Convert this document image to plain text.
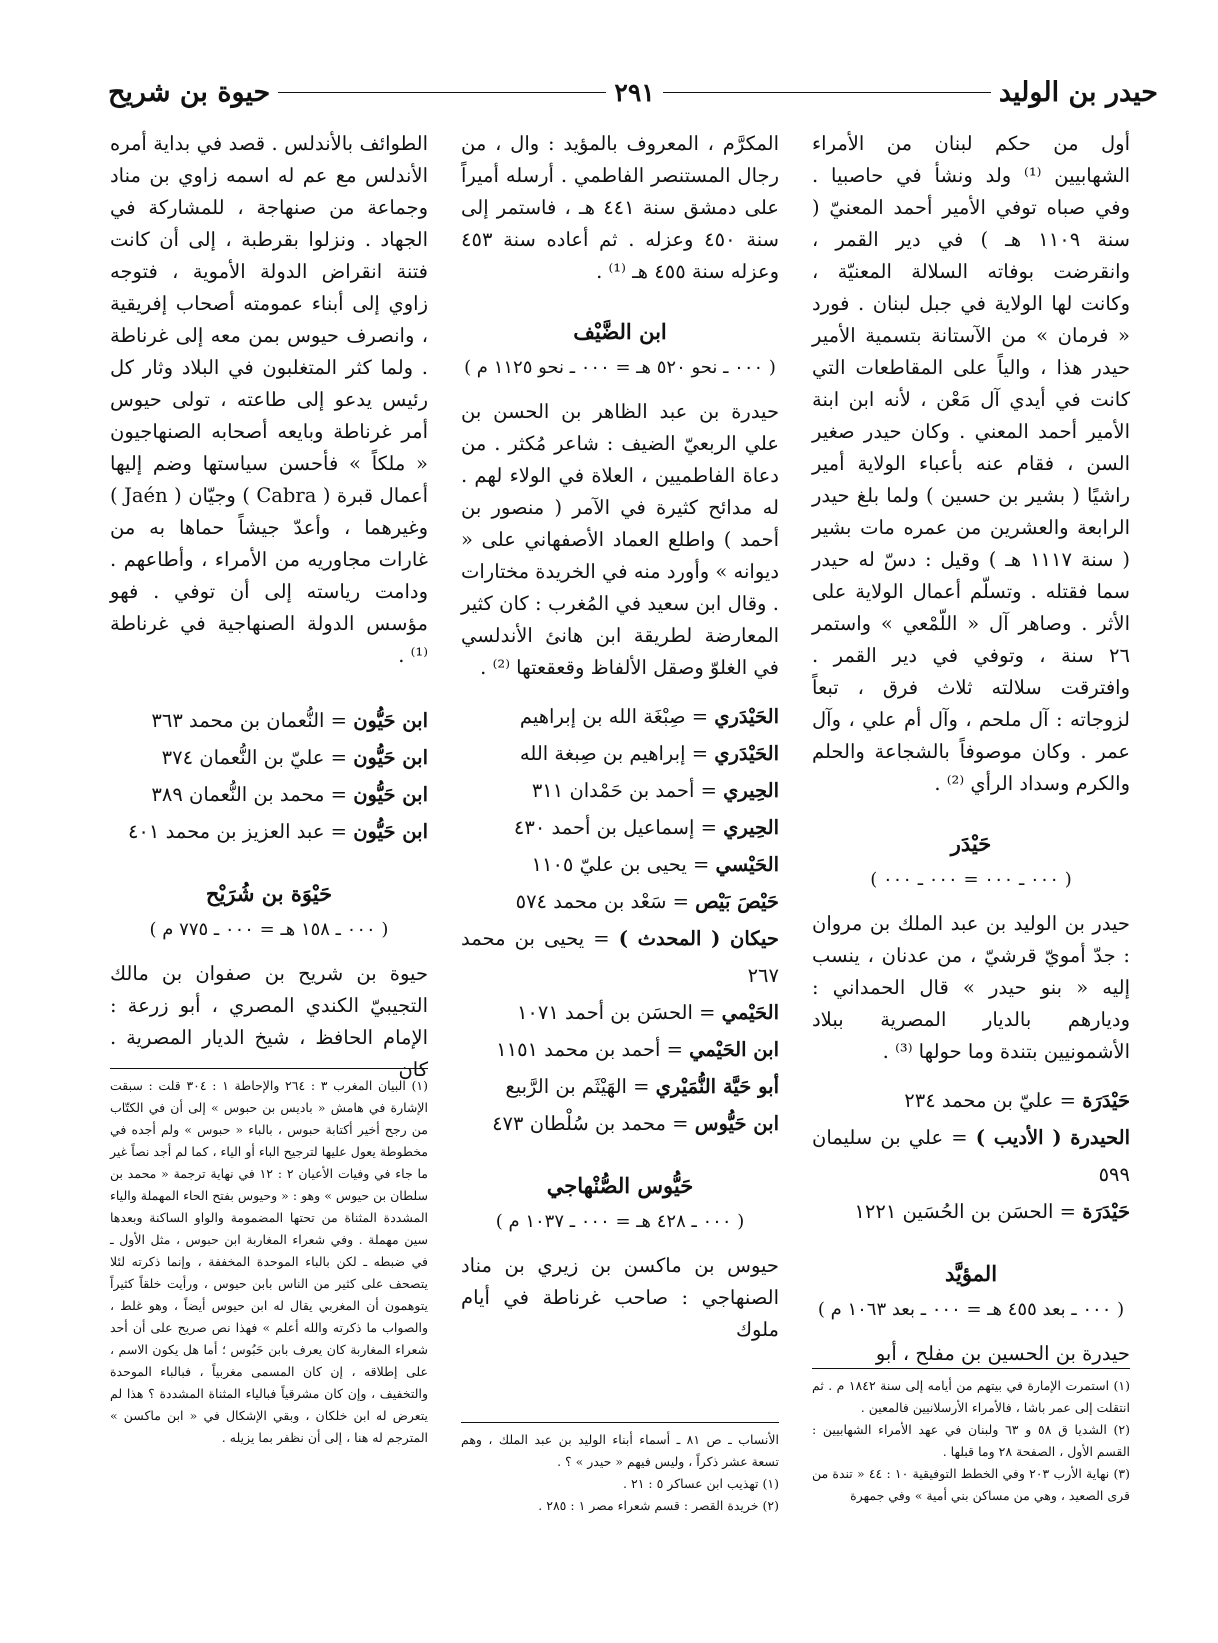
حيدر بن الوليد
٢٩١
حيوة بن شريح

أول من حكم لبنان من الأمراء الشهابيين ⁽¹⁾ ولد ونشأ في حاصبيا . وفي صباه توفي الأمير أحمد المعنيّ ( سنة ١١٠٩ هـ ) في دير القمر ، وانقرضت بوفاته السلالة المعنيّة ، وكانت لها الولاية في جبل لبنان . فورد « فرمان » من الآستانة بتسمية الأمير حيدر هذا ، والياً على المقاطعات التي كانت في أيدي آل مَعْن ، لأنه ابن ابنة الأمير أحمد المعني . وكان حيدر صغير السن ، فقام عنه بأعباء الولاية أمير راشيًا ( بشير بن حسين ) ولما بلغ حيدر الرابعة والعشرين من عمره مات بشير ( سنة ١١١٧ هـ ) وقيل : دسّ له حيدر سما فقتله . وتسلّم أعمال الولاية على الأثر . وصاهر آل « اللّمْعي » واستمر ٢٦ سنة ، وتوفي في دير القمر . وافترقت سلالته ثلاث فرق ، تبعاً لزوجاته : آل ملحم ، وآل أم علي ، وآل عمر . وكان موصوفاً بالشجاعة والحلم والكرم وسداد الرأي ⁽²⁾ .

حَيْدَر
( ٠٠٠ ـ ٠٠٠ = ٠٠٠ ـ ٠٠٠ )

حيدر بن الوليد بن عبد الملك بن مروان : جدّ أمويّ قرشيّ ، من عدنان ، ينسب إليه « بنو حيدر » قال الحمداني : وديارهم بالديار المصرية ببلاد الأشمونيين بتندة وما حولها ⁽³⁾ .

حَيْدَرَة = عليّ بن محمد ٢٣٤
الحيدرة ( الأديب ) = علي بن سليمان ٥٩٩
حَيْدَرَة = الحسَن بن الحُسَين ١٢٢١
المؤيَّد
( ٠٠٠ ـ بعد ٤٥٥ هـ = ٠٠٠ ـ بعد ١٠٦٣ م )

حيدرة بن الحسين بن مفلح ، أبو

(١) استمرت الإمارة في بيتهم من أيامه إلى سنة ١٨٤٢ م . ثم انتقلت إلى عمر باشا ، فالأمراء الأرسلانيين فالمعين .

(٢) الشديا ق ٥٨ و ٦٣ ولبنان في عهد الأمراء الشهابيين : القسم الأول ، الصفحة ٢٨ وما قبلها .

(٣) نهاية الأرب ٢٠٣ وفي الخطط التوفيقية ١٠ : ٤٤ « تندة من قرى الصعيد ، وهي من مساكن بني أمية » وفي جمهرة

المكرَّم ، المعروف بالمؤيد : وال ، من رجال المستنصر الفاطمي . أرسله أميراً على دمشق سنة ٤٤١ هـ ، فاستمر إلى سنة ٤٥٠ وعزله . ثم أعاده سنة ٤٥٣ وعزله سنة ٤٥٥ هـ ⁽¹⁾ .

ابن الضَّيْف
( ٠٠٠ ـ نحو ٥٢٠ هـ = ٠٠٠ ـ نحو ١١٢٥ م )

حيدرة بن عبد الظاهر بن الحسن بن علي الربعيّ الضيف : شاعر مُكثر . من دعاة الفاطميين ، العلاة في الولاء لهم . له مدائح كثيرة في الآمر ( منصور بن أحمد ) واطلع العماد الأصفهاني على « ديوانه » وأورد منه في الخريدة مختارات . وقال ابن سعيد في المُغرب : كان كثير المعارضة لطريقة ابن هانئ الأندلسي في الغلوّ وصقل الألفاظ وقعقعتها ⁽²⁾ .

الحَيْدَري = صِبْغَة الله بن إبراهيم
الحَيْدَري = إبراهيم بن صِبغة الله
الحِيري = أحمد بن حَمْدان ٣١١
الحِيري = إسماعيل بن أحمد ٤٣٠
الحَيْسي = يحيى بن عليّ ١١٠٥
حَيْصَ بَيْص = سَعْد بن محمد ٥٧٤
حيكان ( المحدث ) = يحيى بن محمد ٢٦٧
الحَيْمي = الحسَن بن أحمد ١٠٧١
ابن الحَيْمي = أحمد بن محمد ١١٥١
أبو حَيَّة النُّمَيْري = الهَيْثَم بن الرَّبيع
ابن حَيُّوس = محمد بن سُلْطان ٤٧٣
حَيُّوس الصُّنْهاجي
( ٠٠٠ ـ ٤٢٨ هـ = ٠٠٠ ـ ١٠٣٧ م )

حيوس بن ماكسن بن زيري بن مناد الصنهاجي : صاحب غرناطة في أيام ملوك

الأنساب ـ ص ٨١ ـ أسماء أبناء الوليد بن عبد الملك ، وهم تسعة عشر ذكراً ، وليس فيهم « حيدر » ؟ .

(١) تهذيب ابن عساكر ٥ : ٢١ .

(٢) خريدة القصر : قسم شعراء مصر ١ : ٢٨٥ .

الطوائف بالأندلس . قصد في بداية أمره الأندلس مع عم له اسمه زاوي بن مناد وجماعة من صنهاجة ، للمشاركة في الجهاد . ونزلوا بقرطبة ، إلى أن كانت فتنة انقراض الدولة الأموية ، فتوجه زاوي إلى أبناء عمومته أصحاب إفريقية ، وانصرف حيوس بمن معه إلى غرناطة . ولما كثر المتغلبون في البلاد وثار كل رئيس يدعو إلى طاعته ، تولى حيوس أمر غرناطة وبايعه أصحابه الصنهاجيون « ملكاً » فأحسن سياستها وضم إليها أعمال قبرة ( Cabra ) وجيّان ( Jaén ) وغيرهما ، وأعدّ جيشاً حماها به من غارات مجاوريه من الأمراء ، وأطاعهم . ودامت رياسته إلى أن توفي . فهو مؤسس الدولة الصنهاجية في غرناطة ⁽¹⁾ .

ابن حَيُّون = النُّعمان بن محمد ٣٦٣
ابن حَيُّون = عليّ بن النُّعمان ٣٧٤
ابن حَيُّون = محمد بن النُّعمان ٣٨٩
ابن حَيُّون = عبد العزيز بن محمد ٤٠١
حَيْوَة بن شُرَيْح
( ٠٠٠ ـ ١٥٨ هـ = ٠٠٠ ـ ٧٧٥ م )

حيوة بن شريح بن صفوان بن مالك التجيبيّ الكندي المصري ، أبو زرعة : الإمام الحافظ ، شيخ الديار المصرية . كان

(١) البيان المغرب ٣ : ٢٦٤ والإحاطة ١ : ٣٠٤ قلت : سبقت الإشارة في هامش « باديس بن حبوس » إلى أن في الكتّاب من رجح أخير أكتابة حبوس ، بالباء « حبوس » ولم أجده في مخطوطة يعول عليها لترجيح الباء أو الياء ، كما لم أجد نصاً غير ما جاء في وفيات الأعيان ٢ : ١٢ في نهاية ترجمة « محمد بن سلطان بن حيوس » وهو : « وحيوس بفتح الحاء المهملة والياء المشددة المثناة من تحتها المضمومة والواو الساكنة وبعدها سين مهملة . وفي شعراء المغاربة ابن حبوس ، مثل الأول ـ في ضبطه ـ لكن بالباء الموحدة المخففة ، وإنما ذكرته لئلا يتصحف على كثير من الناس بابن حيوس ، ورأيت خلقاً كثيراً يتوهمون أن المغربي يقال له ابن حيوس أيضاً ، وهو غلط ، والصواب ما ذكرته والله أعلم » فهذا نص صريح على أن أحد شعراء المغاربة كان يعرف بابن حَبُوس ؛ أما هل يكون الاسم ، على إطلاقه ، إن كان المسمى مغربياً ، فبالباء الموحدة والتخفيف ، وإن كان مشرقياً فبالياء المثناة المشددة ؟ هذا لم يتعرض له ابن خلكان ، وبقي الإشكال في « ابن ماكسن » المترجم له هنا ، إلى أن نظفر بما يزيله .
